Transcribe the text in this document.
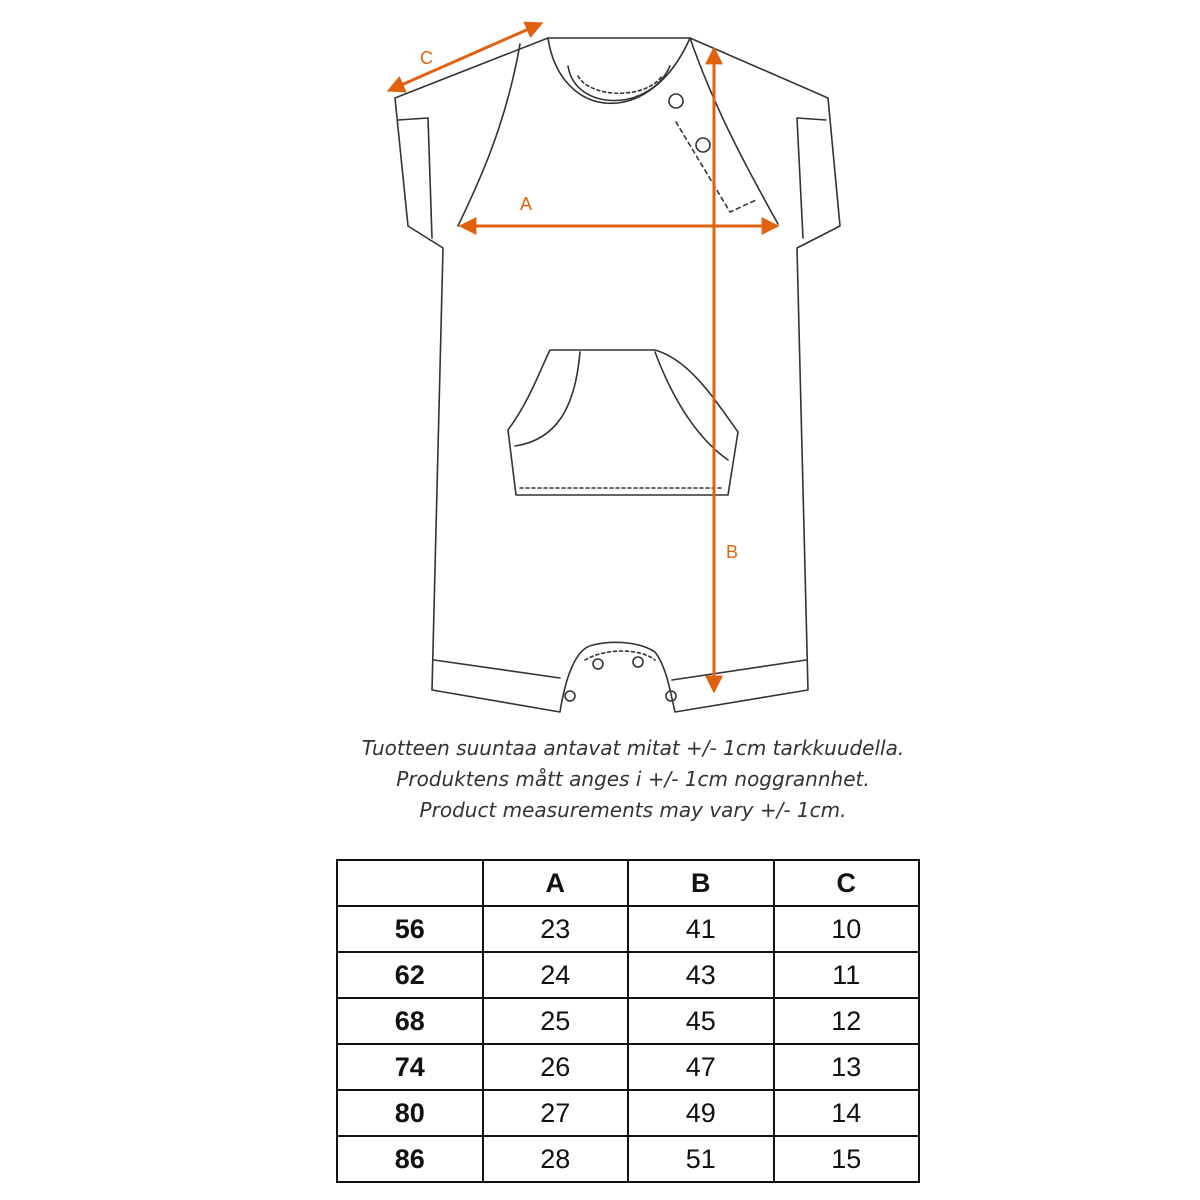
A
B
C
Tuotteen suuntaa antavat mitat +/- 1cm tarkkuudella.
Produktens mått anges i +/- 1cm noggrannhet.
Product measurements may vary +/- 1cm.
	A	B	C
56	23	41	10
62	24	43	11
68	25	45	12
74	26	47	13
80	27	49	14
86	28	51	15
